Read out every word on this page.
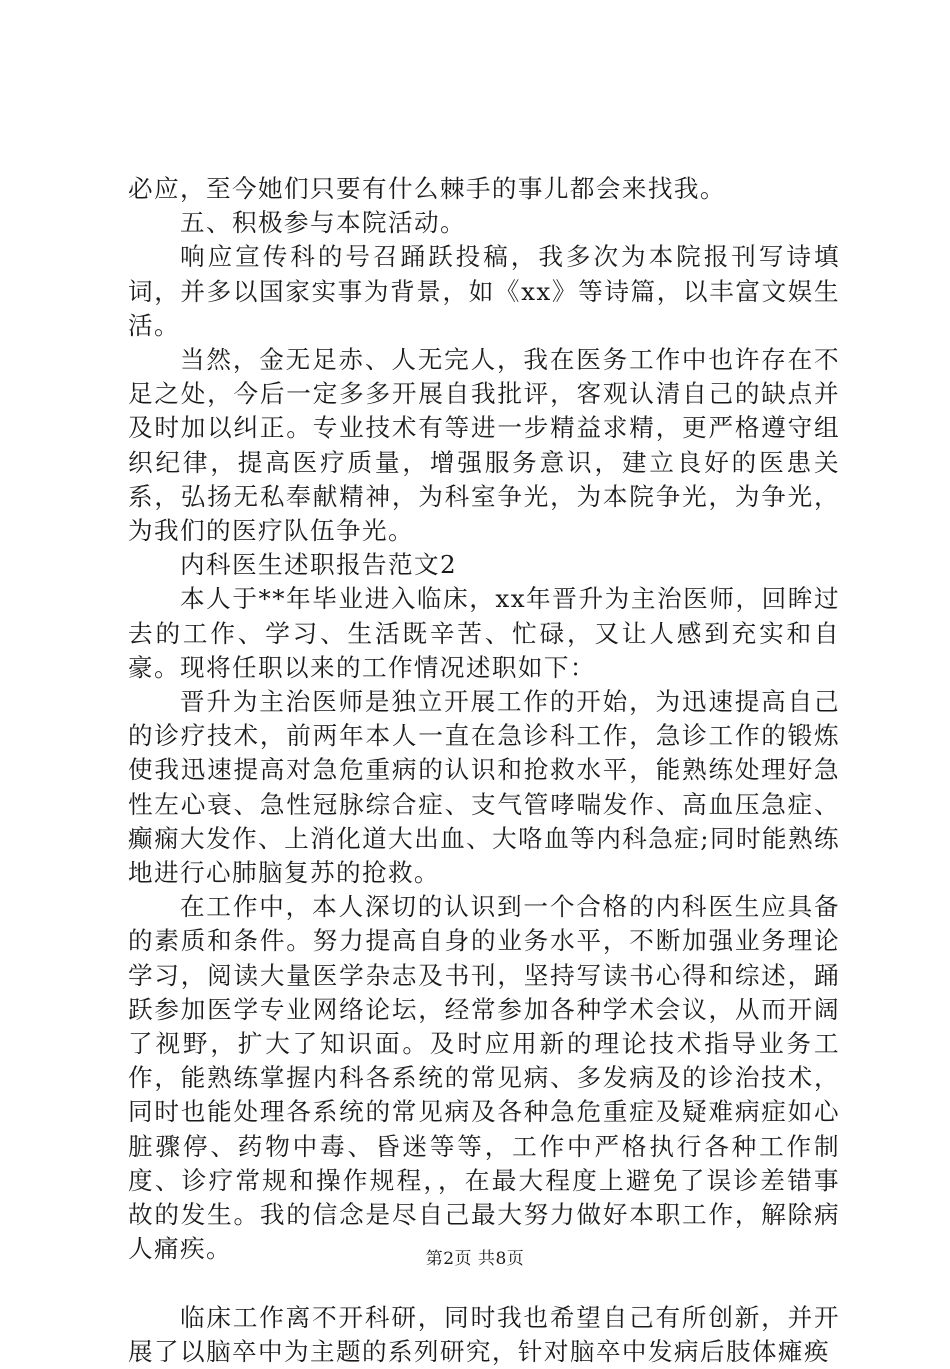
必应，至今她们只要有什么棘手的事儿都会来找我。

五、积极参与本院活动。

响应宣传科的号召踊跃投稿，我多次为本院报刊写诗填词，并多以国家实事为背景，如《xx》等诗篇，以丰富文娱生活。

当然，金无足赤、人无完人，我在医务工作中也许存在不足之处，今后一定多多开展自我批评，客观认清自己的缺点并及时加以纠正。专业技术有等进一步精益求精，更严格遵守组织纪律，提高医疗质量，增强服务意识，建立良好的医患关系，弘扬无私奉献精神，为科室争光，为本院争光，为争光，为我们的医疗队伍争光。

内科医生述职报告范文2

本人于**年毕业进入临床，xx年晋升为主治医师，回眸过去的工作、学习、生活既辛苦、忙碌，又让人感到充实和自豪。现将任职以来的工作情况述职如下：

晋升为主治医师是独立开展工作的开始，为迅速提高自己的诊疗技术，前两年本人一直在急诊科工作，急诊工作的锻炼使我迅速提高对急危重病的认识和抢救水平，能熟练处理好急性左心衰、急性冠脉综合症、支气管哮喘发作、高血压急症、癫痫大发作、上消化道大出血、大咯血等内科急症;同时能熟练地进行心肺脑复苏的抢救。

在工作中，本人深切的认识到一个合格的内科医生应具备的素质和条件。努力提高自身的业务水平，不断加强业务理论学习，阅读大量医学杂志及书刊，坚持写读书心得和综述，踊跃参加医学专业网络论坛，经常参加各种学术会议，从而开阔了视野，扩大了知识面。及时应用新的理论技术指导业务工作，能熟练掌握内科各系统的常见病、多发病及的诊治技术，同时也能处理各系统的常见病及各种急危重症及疑难病症如心脏骤停、药物中毒、昏迷等等，工作中严格执行各种工作制度、诊疗常规和操作规程，，在最大程度上避免了误诊差错事故的发生。我的信念是尽自己最大努力做好本职工作，解除病人痛疾。

临床工作离不开科研，同时我也希望自己有所创新，并开展了以脑卒中为主题的系列研究，针对脑卒中发病后肢体瘫痪

第2页 共8页
